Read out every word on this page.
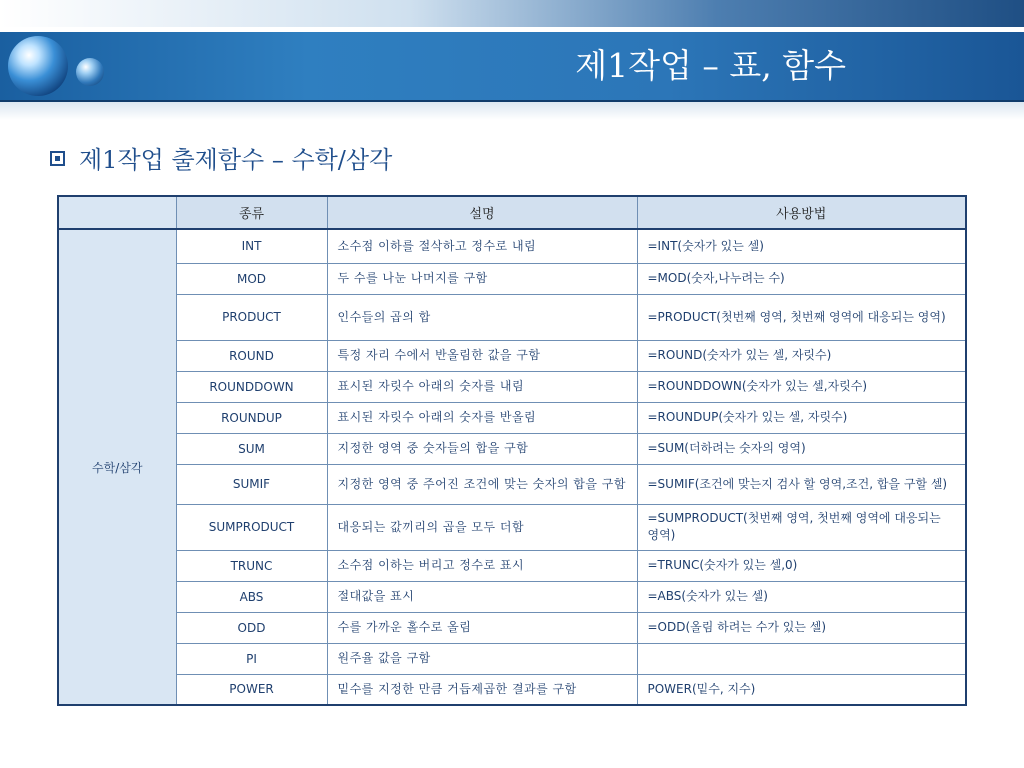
제1작업 – 표, 함수
제1작업 출제함수 – 수학/삼각
	종류	설명	사용방법
수학/삼각	INT	소수점 이하를 절삭하고 정수로 내림	=INT(숫자가 있는 셀)
	MOD	두 수를 나눈 나머지를 구함	=MOD(숫자,나누려는 수)
	PRODUCT	인수들의 곱의 합	=PRODUCT(첫번째 영역, 첫번째 영역에 대응되는 영역)
	ROUND	특정 자리 수에서 반올림한 값을 구함	=ROUND(숫자가 있는 셀, 자릿수)
	ROUNDDOWN	표시된 자릿수 아래의 숫자를 내림	=ROUNDDOWN(숫자가 있는 셀,자릿수)
	ROUNDUP	표시된 자릿수 아래의 숫자를 반올림	=ROUNDUP(숫자가 있는 셀, 자릿수)
	SUM	지정한 영역 중 숫자들의 합을 구함	=SUM(더하려는 숫자의 영역)
	SUMIF	지정한 영역 중 주어진 조건에 맞는 숫자의 합을 구함	=SUMIF(조건에 맞는지 검사 할 영역,조건, 합을 구할 셀)
	SUMPRODUCT	대응되는 값끼리의 곱을 모두 더함	=SUMPRODUCT(첫번째 영역, 첫번째 영역에 대응되는 영역)
	TRUNC	소수점 이하는 버리고 정수로 표시	=TRUNC(숫자가 있는 셀,0)
	ABS	절대값을 표시	=ABS(숫자가 있는 셀)
	ODD	수를 가까운 홀수로 올림	=ODD(올림 하려는 수가 있는 셀)
	PI	원주율 값을 구함	
	POWER	밑수를 지정한 만큼 거듭제곱한 결과를 구함	POWER(밑수, 지수)
